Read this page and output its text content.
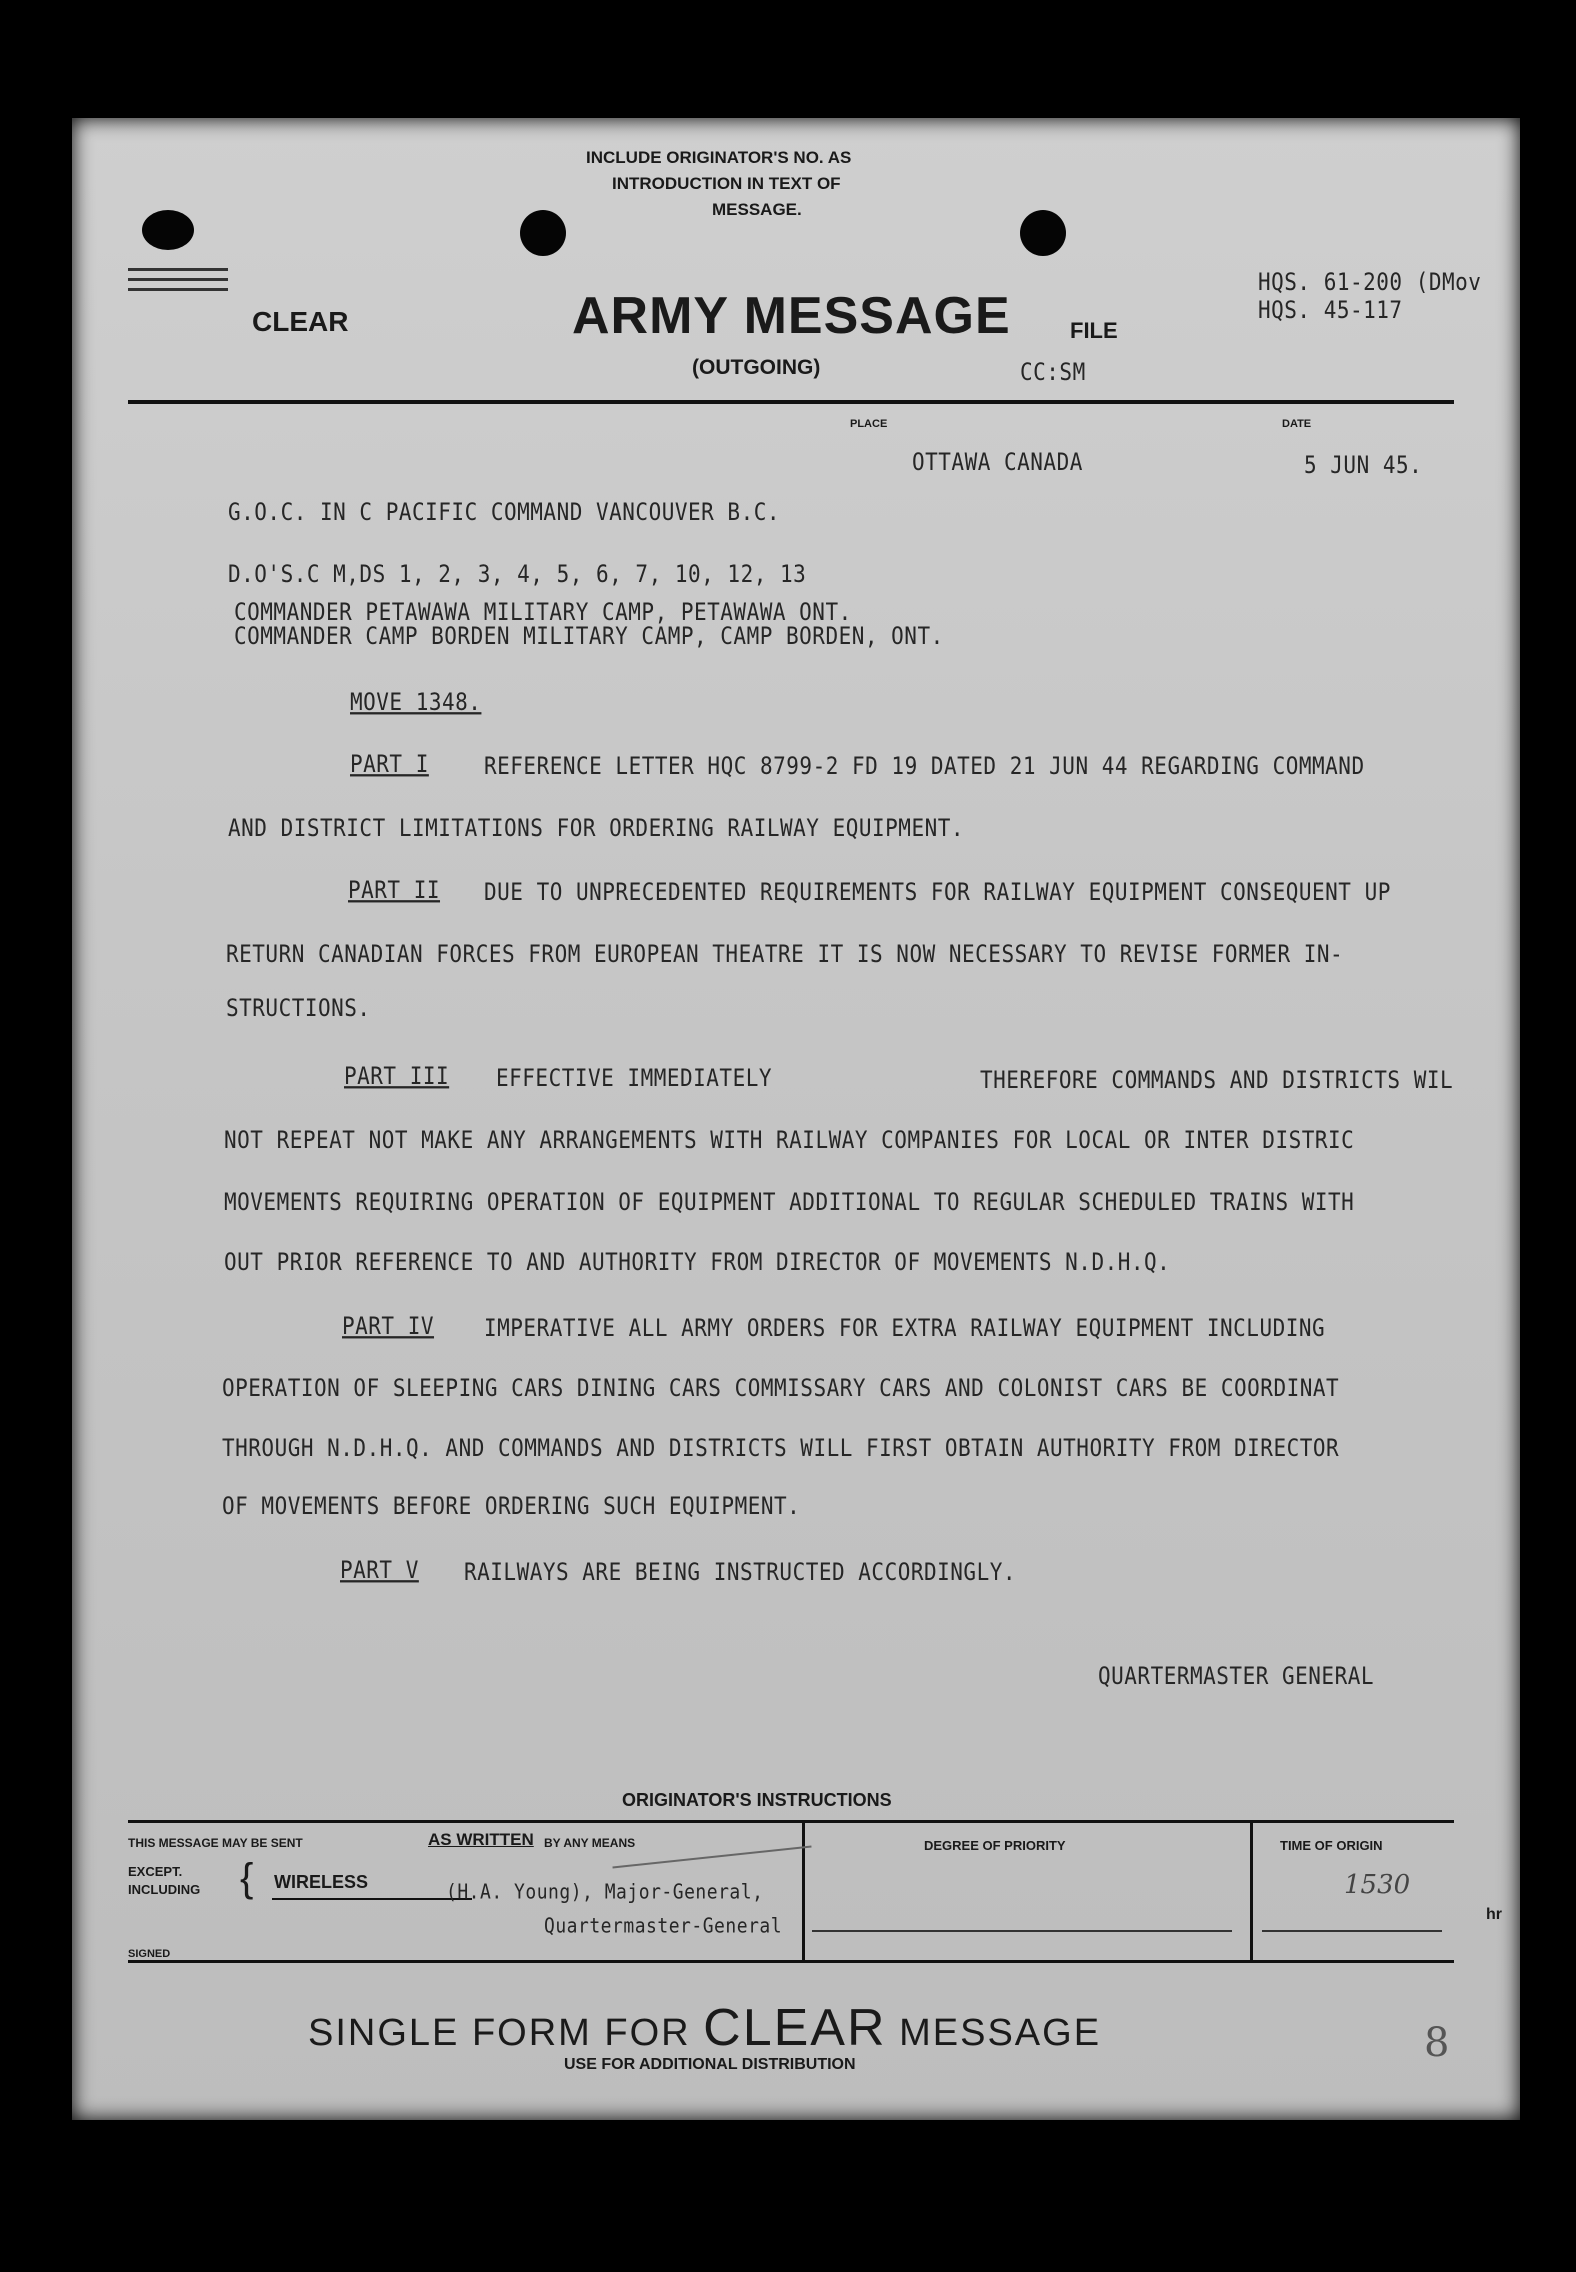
INCLUDE ORIGINATOR'S NO. AS

INTRODUCTION IN TEXT OF

MESSAGE.

CLEAR	ARMY MESSAGE

(OUTGOING)

FILE

CC:SM

HQS. 61-200 (DMov

HQS. 45-117

PLACE	DATE

OTTAWA CANADA	5 JUN 45.

G.O.C. IN C PACIFIC COMMAND VANCOUVER B.C.

D.O'S.C M,DS 1, 2, 3, 4, 5, 6, 7, 10, 12, 13

COMMANDER PETAWAWA MILITARY CAMP, PETAWAWA ONT.

COMMANDER CAMP BORDEN MILITARY CAMP, CAMP BORDEN, ONT.

MOVE 1348.

PART I	REFERENCE LETTER HQC 8799-2 FD 19 DATED 21 JUN 44 REGARDING COMMAND

AND DISTRICT LIMITATIONS FOR ORDERING RAILWAY EQUIPMENT.

PART II DUE TO UNPRECEDENTED REQUIREMENTS FOR RAILWAY EQUIPMENT CONSEQUENT UP

RETURN CANADIAN FORCES FROM EUROPEAN THEATRE IT IS NOW NECESSARY TO REVISE FORMER IN-

STRUCTIONS.

PART III EFFECTIVE IMMEDIATELY	THEREFORE COMMANDS AND DISTRICTS WIL

NOT REPEAT NOT MAKE ANY ARRANGEMENTS WITH RAILWAY COMPANIES FOR LOCAL OR INTER DISTRIC

MOVEMENTS REQUIRING OPERATION OF EQUIPMENT ADDITIONAL TO REGULAR SCHEDULED TRAINS WITH

OUT PRIOR REFERENCE TO AND AUTHORITY FROM DIRECTOR OF MOVEMENTS N.D.H.Q.

PART IV IMPERATIVE ALL ARMY ORDERS FOR EXTRA RAILWAY EQUIPMENT INCLUDING

OPERATION OF SLEEPING CARS DINING CARS COMMISSARY CARS AND COLONIST CARS BE COORDINAT

THROUGH N.D.H.Q. AND COMMANDS AND DISTRICTS WILL FIRST OBTAIN AUTHORITY FROM DIRECTOR

OF MOVEMENTS BEFORE ORDERING SUCH EQUIPMENT.

PART V RAILWAYS ARE BEING INSTRUCTED ACCORDINGLY.

QUARTERMASTER GENERAL

ORIGINATOR'S INSTRUCTIONS

THIS MESSAGE MAY BE SENT	AS WRITTEN BY ANY MEANS

EXCEPT.

INCLUDING { WIRELESS	(H.A. Young), Major-General,

Quartermaster-General

DEGREE OF PRIORITY	TIME OF ORIGIN

1530

SIGNED

hr

SINGLE FORM FOR CLEAR MESSAGE

USE FOR ADDITIONAL DISTRIBUTION	8
